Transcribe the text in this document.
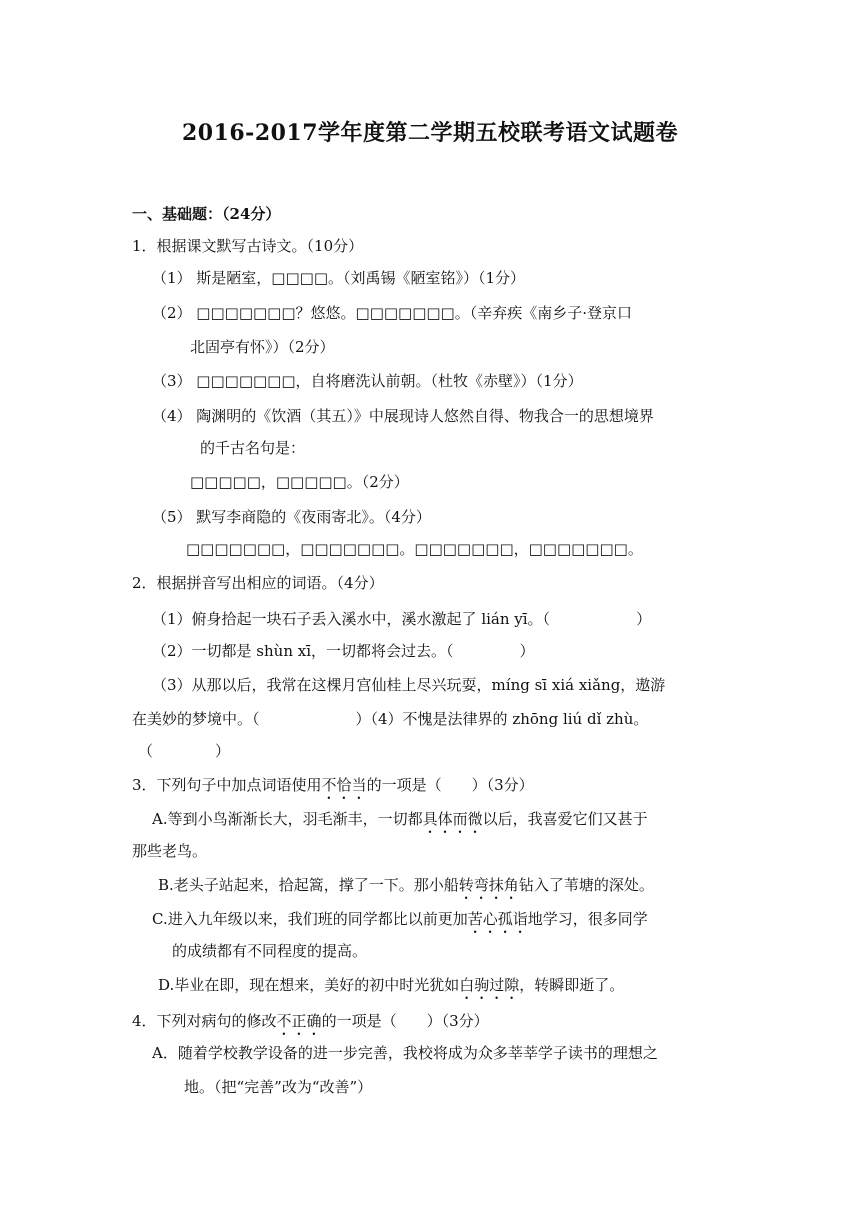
2016-2017学年度第二学期五校联考语文试题卷
一、基础题：（24分）
1．根据课文默写古诗文。（10分）
（1） 斯是陋室，□□□□。（刘禹锡《陋室铭》）（1分）
（2） □□□□□□□？悠悠。□□□□□□□。（辛弃疾《南乡子·登京口
北固亭有怀》）（2分）
（3） □□□□□□□，自将磨洗认前朝。（杜牧《赤壁》）（1分）
（4） 陶渊明的《饮酒（其五）》中展现诗人悠然自得、物我合一的思想境界
的千古名句是：
□□□□□，□□□□□。（2分）
（5） 默写李商隐的《夜雨寄北》。（4分）
□□□□□□□，□□□□□□□。□□□□□□□，□□□□□□□。
2．根据拼音写出相应的词语。（4分）
（1）俯身拾起一块石子丢入溪水中，溪水激起了 lián yī。（	）
（2）一切都是 shùn xī，一切都将会过去。（	）
（3）从那以后，我常在这棵月宫仙桂上尽兴玩耍，míng sī xiá xiǎng，遨游
在美妙的梦境中。（	）（4）不愧是法律界的 zhōng liú dǐ zhù。
（	）
3．下列句子中加点词语使用不恰当的一项是（　　）（3分）
A.等到小鸟渐渐长大，羽毛渐丰，一切都具体而微以后，我喜爱它们又甚于
那些老鸟。
B.老头子站起来，拾起篙，撑了一下。那小船转弯抹角钻入了苇塘的深处。
C.进入九年级以来，我们班的同学都比以前更加苦心孤诣地学习，很多同学
的成绩都有不同程度的提高。
D.毕业在即，现在想来，美好的初中时光犹如白驹过隙，转瞬即逝了。
4．下列对病句的修改不正确的一项是（　　）（3分）
A．随着学校教学设备的进一步完善，我校将成为众多莘莘学子读书的理想之
地。（把“完善”改为“改善”）
